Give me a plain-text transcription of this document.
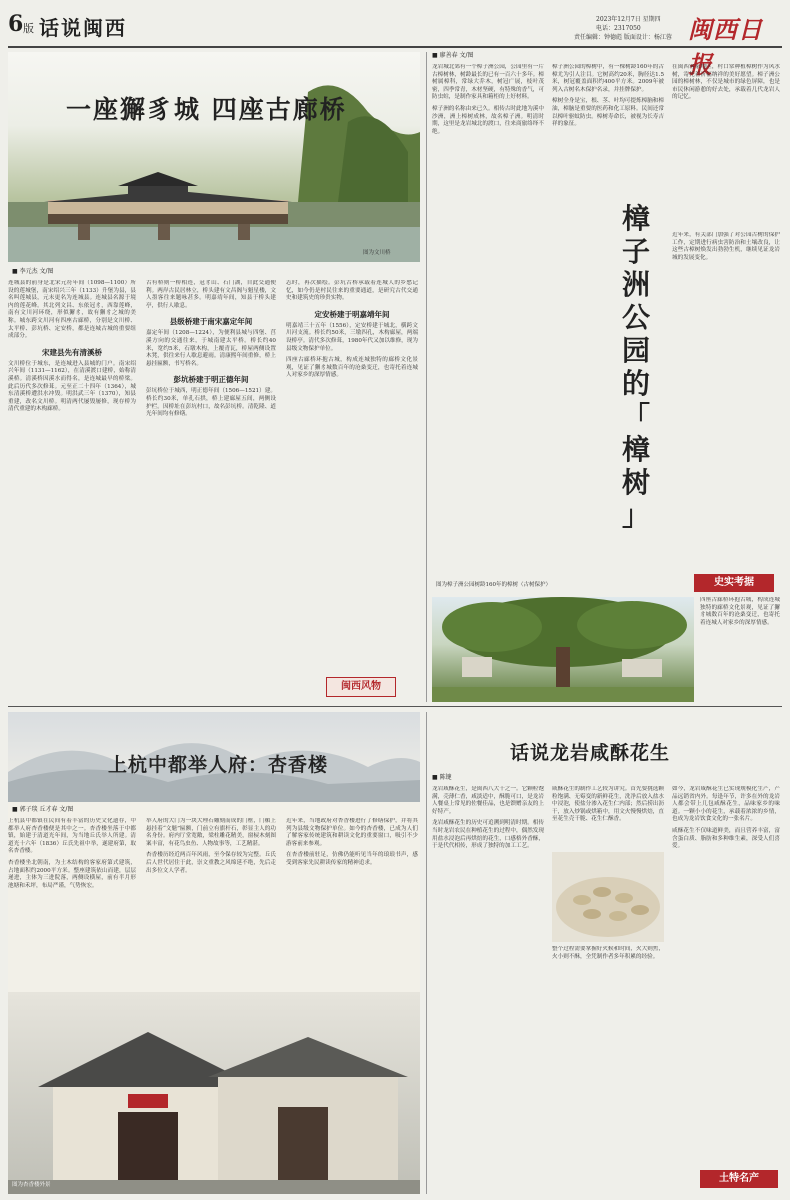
6 版 话说闽西	2023年12月7日 星期四
电话：2317050
责任编辑：钟德彪 版面设计：杨江蓉 闽西日报
一座獬豸城 四座古廊桥
图为文川桥
■ 李元杰 文/图
连城县的前身是北宋元符年间（1098—1100）所设的莲城堡，南宋绍兴三年（1133）升堡为县，县名叫莲城县，元末更名为连城县。连城县名源于境内的莲花峰。其北列文昌、东依冠豸，西靠莲峰，南有文川河环绕，形似獬豸，故有獬豸之城的美称。城东跨文川河有四座古廊桥，分别是文川桥、太平桥、彭坑桥、定安桥，都是连城古城的重要组成部分。
宋建县先有清溪桥
文川桥位于城东，是连城进入县城的门户。南宋绍兴年间（1131—1162），在清溪渡口建桥，始称清溪桥。清溪桥因溪水而得名，是连城最早的桥梁。此后历代多次修葺。元至正二十四年（1364），城东清溪桥遭洪水冲毁。明洪武三年（1370），知县重建，改名文川桥。明清两代屡毁屡修，现存桥为清代重建的木构廊桥。
古有桥则一桥相连，冠豸山、石门湖，自此交通便利。两岸古民居林立，桥头建有文昌阁与魁星楼，文人墨客往来题咏甚多。明嘉靖年间，知县于桥头建亭，供行人歇息。
县级桥建于南宋嘉定年间
嘉定年间（1208—1224），为便利县城与四堡、莒溪方向的交通往来，于城南建太平桥。桥长约40米，宽约5米，石墩木构，上覆青瓦，桥屋两侧设置木凳，供往来行人歇息避雨。清康熙年间重修，桥上悬挂匾额，书写桥名。
彭坑桥建于明正德年间
彭坑桥位于城西，明正德年间（1506—1521）建。桥长约30米，单孔石拱，桥上建廊屋五间，两侧设护栏。因桥址在彭坑村口，故名彭坑桥。清乾隆、道光年间均有修缮。
志时，再次描绘。彭坑古桥承载着连城人的乡愁记忆，如今仍是村民往来的重要通道，是研究古代交通史和建筑史的珍贵实物。
定安桥建于明嘉靖年间
明嘉靖三十五年（1556），定安桥建于城北，横跨文川河支流。桥长约50米，三墩四孔，木构廊屋，两端设桥亭。清代多次修葺，1980年代又加以维修，现为县级文物保护单位。
四座古廊桥环抱古城，构成连城独特的廊桥文化景观，见证了獬豸城数百年的沧桑变迁，也寄托着连城人对家乡的深厚情感。
闽西风物
■ 廖善春 文/图
龙岩城北郊有一个樟子洲公园，公园里有一片古樟树林，树龄最长的已有一百六十多年。樟树属樟科，常绿大乔木，树冠广展，枝叶茂密，四季常青，木材坚硬，有特殊的香气，可防虫蛀，是制作家具和箱柜的上好材料。
樟子洲的名称由来已久。相传古时此地为溪中沙洲，洲上樟树成林，故名樟子洲。明清时期，这里是龙岩城北的渡口，往来商旅络绎不绝。
樟子洲公园的樟树中，有一棵树龄160年的古樟尤为引人注目。它树高约20米，胸径达1.5米，树冠覆盖面积约400平方米。2009年被列入古树名木保护名录，并挂牌保护。
樟树全身是宝，根、茎、叶均可提炼樟脑和樟油，樟脑是重要的医药和化工原料。民间还常以樟叶驱蚊防虫。樟树寿命长，被视为长寿吉祥的象征。
在闽西客家地区，村口常种植樟树作为风水树，寄托着祈福纳祥的美好愿望。樟子洲公园的樟树林，不仅是城市的绿色屏障，也是市民休闲游憩的好去处，承载着几代龙岩人的记忆。
樟
子
洲
公
园
的
「
樟
树
」
近年来，有关部门加强了对公园古树的保护工作，定期进行病虫害防治和土壤改良，让这些古樟树焕发出勃勃生机，继续见证龙岩城的发展变化。
史实考据
图为樟子洲公园树龄160年的樟树（古树保护）
四座古廊桥环抱古城，构成连城独特的廊桥文化景观，见证了獬豸城数百年的沧桑变迁，也寄托着连城人对家乡的深厚情感。
上杭中都举人府：杏香楼
■ 郭子琰 丘才春 文/图
上杭县中都镇在民间有着丰富的历史文化遗存，中都举人府杏香楼便是其中之一。杏香楼坐落于中都镇，始建于清道光年间，为当地丘氏举人所建。清道光十六年（1836）丘氏先祖中举，遂建府第，取名杏香楼。
杏香楼坐北朝南，为土木结构的客家府第式建筑，占地面积约2000平方米。整座建筑依山而建，层层递进，主体为三进院落，两侧设横屋，前有半月形池塘和禾坪，布局严谨，气势恢宏。
举人府的大门为一块大理石雕刻而成的门框，门楣上悬挂着“文魁”匾额，门前立有旗杆石，彰显主人的功名身份。府内厅堂宽敞，梁柱雕花精美，窗棂木刻图案丰富，有花鸟虫鱼、人物故事等，工艺精湛。
杏香楼历经近两百年风雨，至今保存较为完整。丘氏后人世代居住于此，崇文重教之风绵延不绝，先后走出多位文人学者。
近年来，当地政府对杏香楼进行了修缮保护，并将其列为县级文物保护单位。如今的杏香楼，已成为人们了解客家传统建筑和耕读文化的重要窗口，吸引不少游客前来参观。
在杏香楼前驻足，仿佛仍能听见当年的琅琅书声，感受到客家先民耕读传家的精神追求。
图为杏香楼外景
话说龙岩咸酥花生
■ 陈键
龙岩咸酥花生，是闽西八大干之一。它颗粒饱满，壳薄仁香，咸淡适中，酥脆可口，是龙岩人餐桌上常见的佐餐佳品，也是馈赠亲友的上好特产。
龙岩咸酥花生的历史可追溯到明清时期。相传当时龙岩农民在种植花生的过程中，偶然发现用盐水浸泡后再烘焙的花生，口感格外香酥，于是代代相传，形成了独特的加工工艺。
咸酥花生的制作工艺较为讲究。首先要挑选颗粒饱满、无霉变的新鲜花生，洗净后放入盐水中浸泡，使盐分渗入花生仁内部；然后捞出沥干，放入炒锅或烘箱中，用文火慢慢烘焙，直至花生壳干脆、花生仁酥香。
整个过程需要掌握好火候和时间，火大则焦，火小则不酥，全凭制作者多年积累的经验。
如今，龙岩咸酥花生已实现规模化生产，产品远销省内外。每逢年节，许多在外的龙岩人都会带上几包咸酥花生，品味家乡的味道。一颗小小的花生，承载着浓浓的乡情，也成为龙岩饮食文化的一张名片。
咸酥花生不仅味道鲜美，而且营养丰富，富含蛋白质、脂肪和多种维生素，深受人们喜爱。
土特名产
